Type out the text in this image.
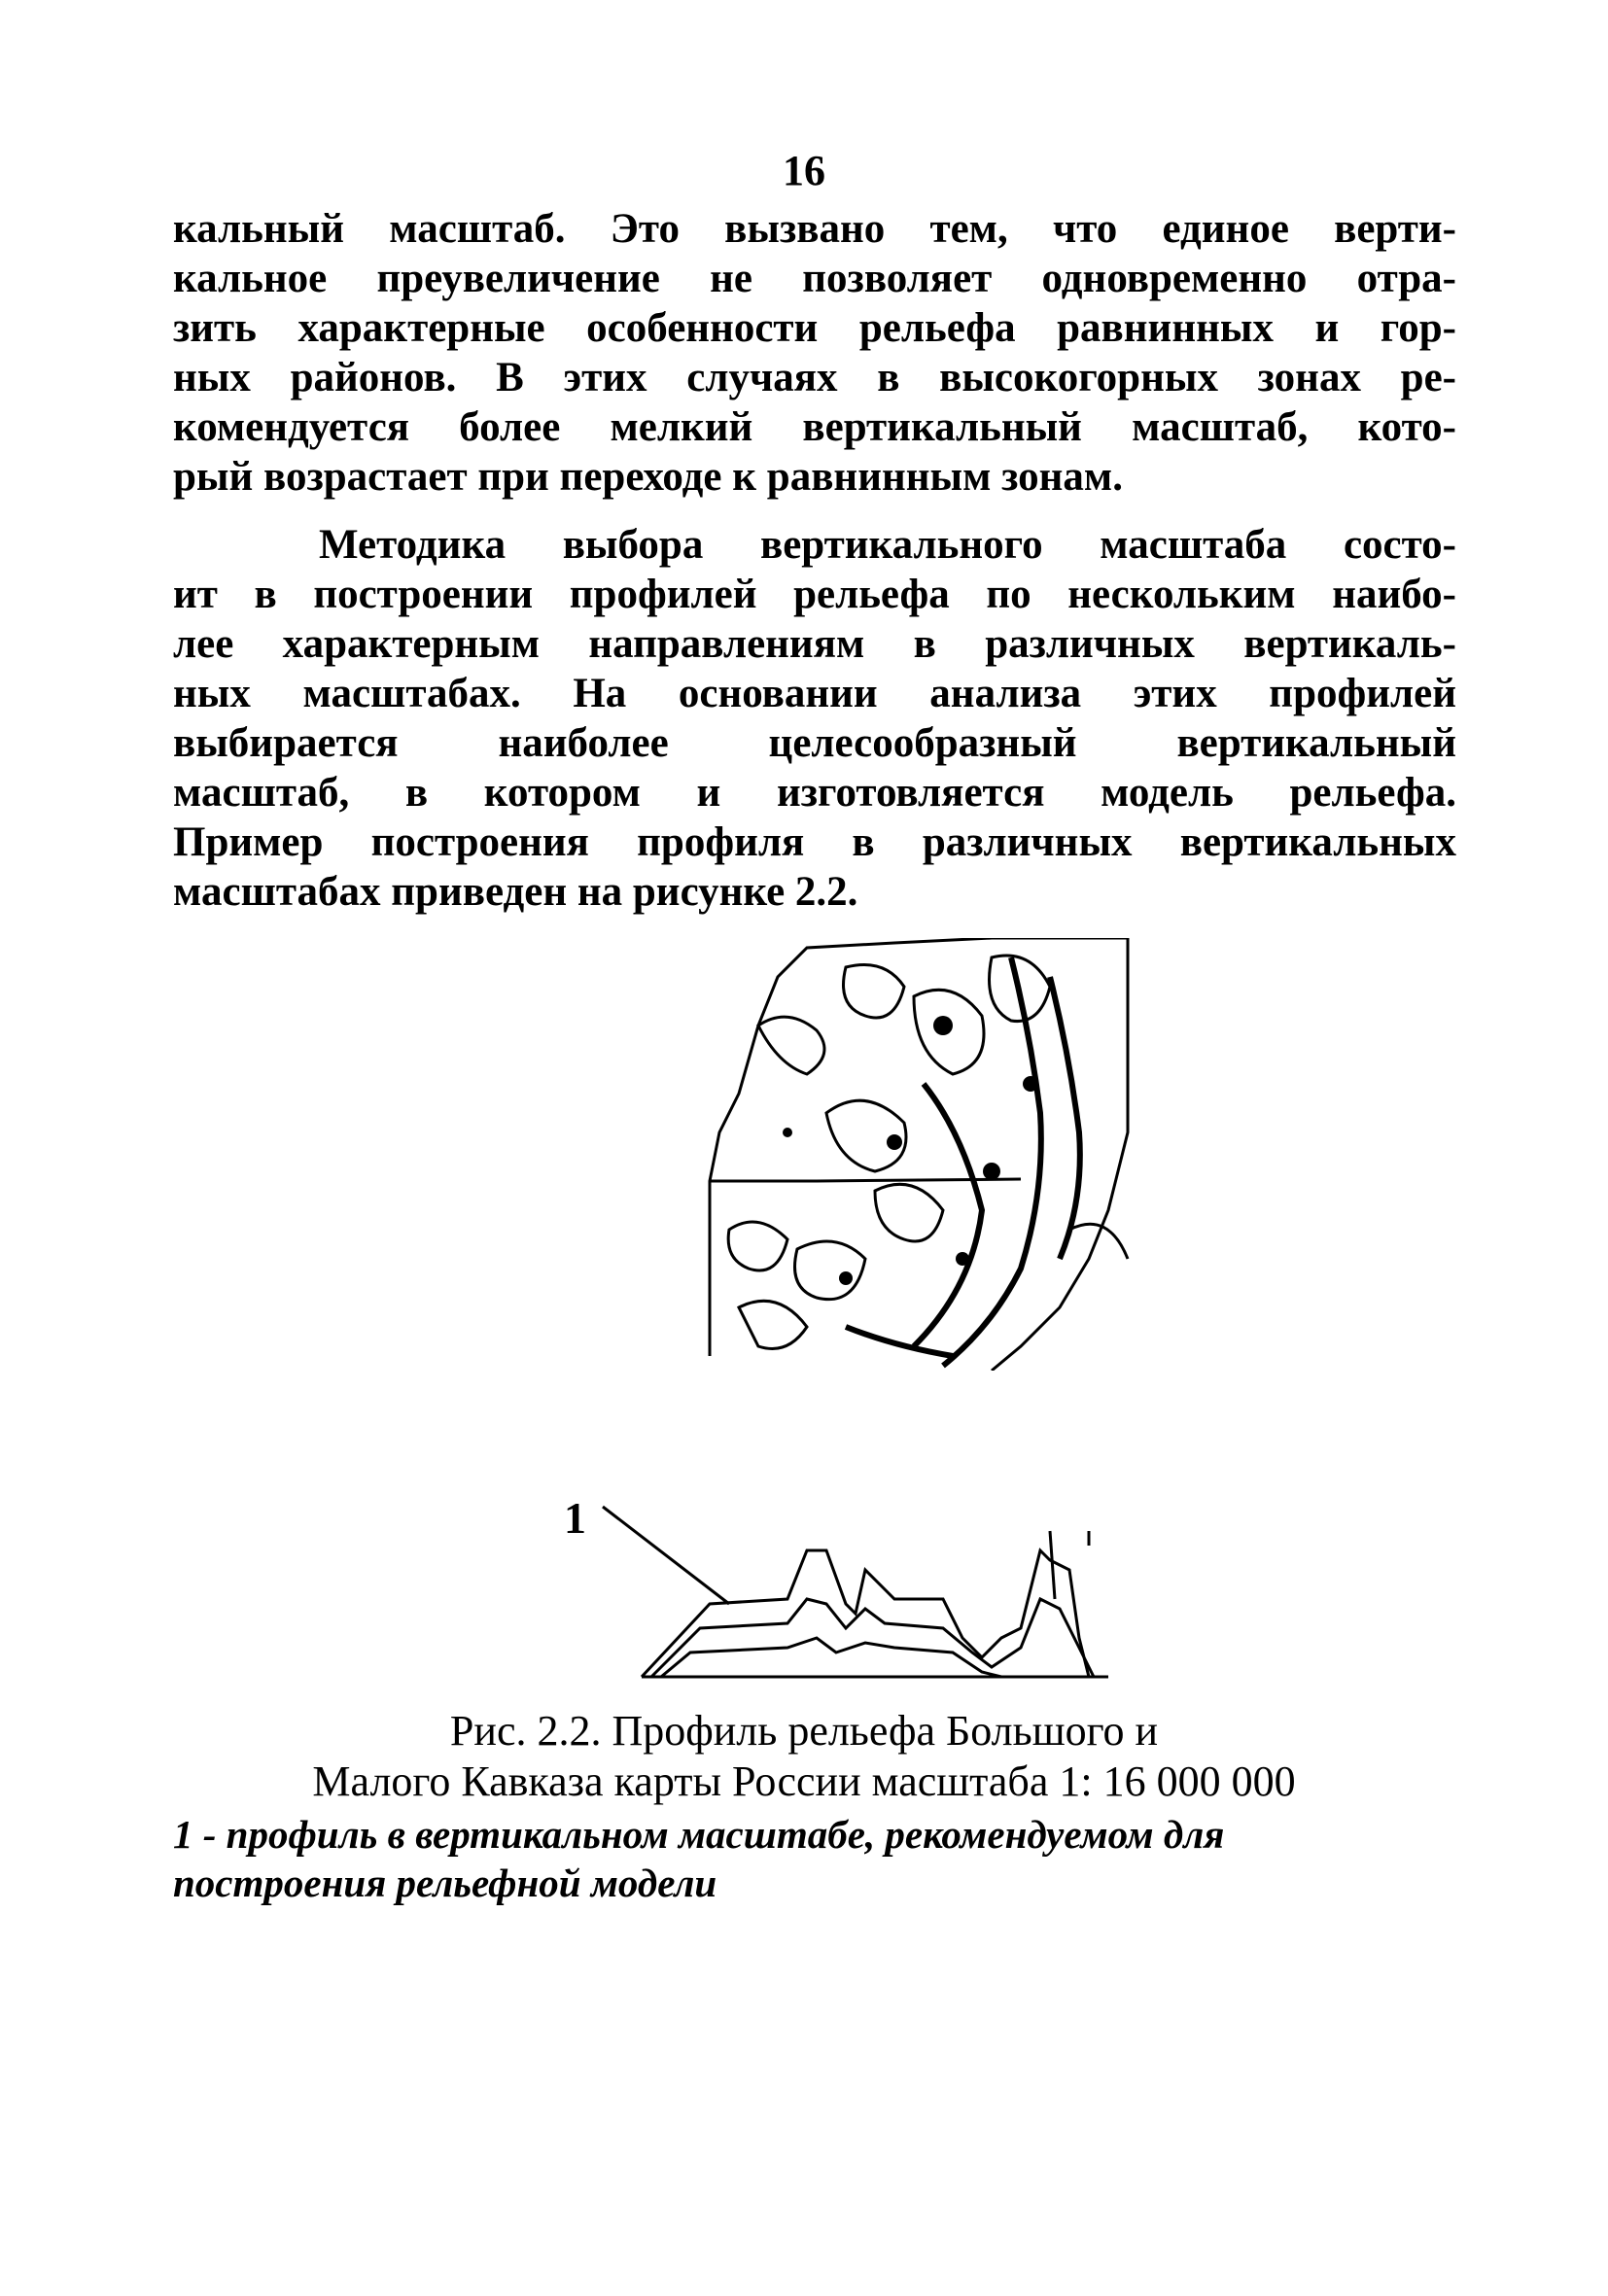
16
кальный масштаб. Это вызвано тем, что единое верти-
кальное преувеличение не позволяет одновременно отра-
зить характерные особенности рельефа равнинных и гор-
ных районов. В этих случаях в высокогорных зонах ре-
комендуется более мелкий вертикальный масштаб, кото-
рый возрастает при переходе к равнинным зонам.
Методика выбора вертикального масштаба состо-
ит в построении профилей рельефа по нескольким наибо-
лее характерным направлениям в различных вертикаль-
ных масштабах. На основании анализа этих профилей
выбирается наиболее целесообразный вертикальный
масштаб, в котором и изготовляется модель рельефа.
Пример построения профиля в различных вертикальных
масштабах приведен на рисунке 2.2.
1
Рис. 2.2. Профиль рельефа Большого и
Малого Кавказа карты России масштаба 1: 16 000 000
1 - профиль в вертикальном масштабе, рекомендуемом для
построения рельефной модели
